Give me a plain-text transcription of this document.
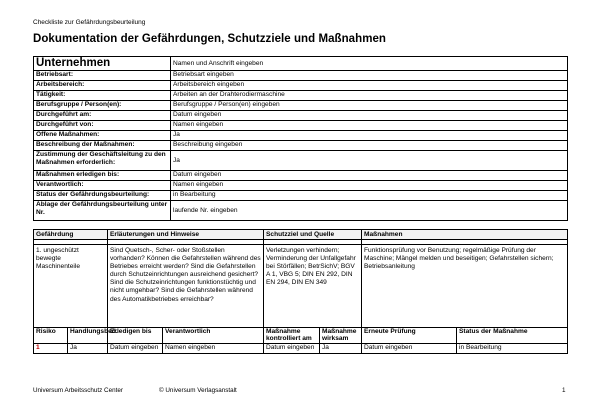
Checkliste zur Gefährdungsbeurteilung
Dokumentation der Gefährdungen, Schutzziele und Maßnahmen
Unternehmen	Namen und Anschrift eingeben
Betriebsart:	Betriebsart eingeben
Arbeitsbereich:	Arbeitsbereich eingeben
Tätigkeit:	Arbeiten an der Drahterodiermaschine
Berufsgruppe / Person(en):	Berufsgruppe / Person(en) eingeben
Durchgeführt am:	Datum eingeben
Durchgeführt von:	Namen eingeben
Offene Maßnahmen:	Ja
Beschreibung der Maßnahmen:	Beschreibung eingeben
Zustimmung der Geschäftsleitung zu den Maßnahmen erforderlich:	Ja
Maßnahmen erledigen bis:	Datum eingeben
Verantwortlich:	Namen eingeben
Status der Gefährdungsbeurteilung:	in Bearbeitung
Ablage der Gefährdungsbeurteilung unter Nr.	laufende Nr. eingeben
Gefährdung		Erläuterungen und Hinweise		Schutzziel und Quelle		Maßnahmen	

1. ungeschützt bewegte Maschinenteile		Sind Quetsch-, Scher- oder Stoßstellen vorhanden? Können die Gefahrstellen während des Betriebes erreicht werden? Sind die Gefahrstellen durch Schutzeinrichtungen ausreichend gesichert? Sind die Schutzeinrichtungen funktionstüchtig und nicht umgehbar? Sind die Gefahrstellen während des Automatikbetriebes erreichbar?		Verletzungen verhindern; Verminderung der Unfallgefahr bei Störfällen; BetrSichV; BGV A 1, VBG 5; DIN EN 292, DIN EN 294, DIN EN 349		Funktionsprüfung vor Benutzung; regelmäßige Prüfung der Maschine; Mängel melden und beseitigen; Gefahrstellen sichern; Betriebsanleitung	
Risiko	Handlungsbed.	Erledigen bis	Verantwortlich	Maßnahme kontrolliert am	Maßnahme wirksam	Erneute Prüfung	Status der Maßnahme
1	Ja	Datum eingeben	Namen eingeben	Datum eingeben	Ja	Datum eingeben	in Bearbeitung
Universum Arbeitsschutz Center	© Universum Verlagsanstalt	1
